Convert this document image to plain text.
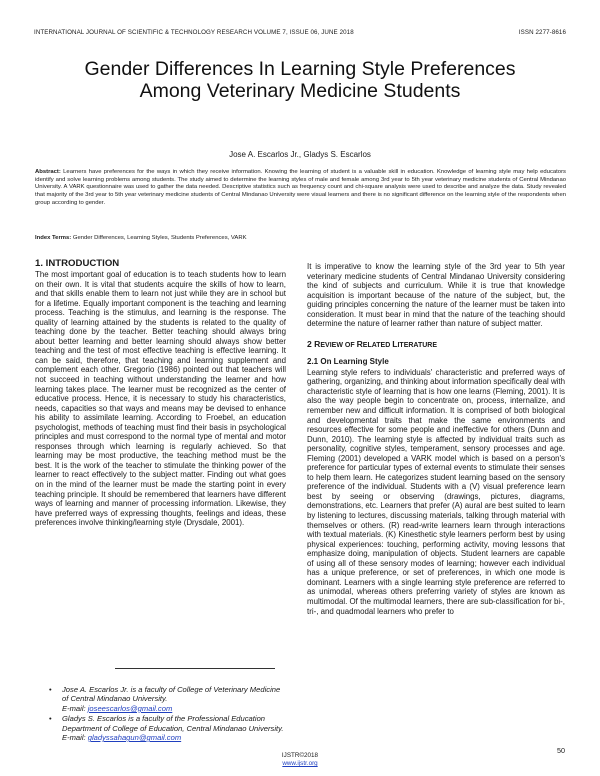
INTERNATIONAL JOURNAL OF SCIENTIFIC & TECHNOLOGY RESEARCH VOLUME 7, ISSUE 06, JUNE 2018	ISSN 2277-8616
Gender Differences In Learning Style Preferences Among Veterinary Medicine Students
Jose A. Escarlos Jr., Gladys S. Escarlos
Abstract: Learners have preferences for the ways in which they receive information. Knowing the learning of student is a valuable skill in education. Knowledge of learning style may help educators identify and solve learning problems among students. The study aimed to determine the learning styles of male and female among 3rd year to 5th year veterinary medicine students of Central Mindanao University. A VARK questionnaire was used to gather the data needed. Descriptive statistics such as frequency count and chi-square analysis were used to describe and analyze the data. Study revealed that majority of the 3rd year to 5th year veterinary medicine students of Central Mindanao University were visual learners and there is no significant difference on the learning style of the respondents when group according to gender.
Index Terms: Gender Differences, Learning Styles, Students Preferences, VARK
1. INTRODUCTION

The most important goal of education is to teach students how to learn on their own. It is vital that students acquire the skills of how to learn, and that skills enable them to learn not just while they are in school but for a lifetime. Equally important component is the teaching and learning process. Teaching is the stimulus, and learning is the response. The quality of learning attained by the students is related to the quality of teaching done by the teacher. Better teaching should always bring about better learning and better learning should always show better teaching and the test of most effective teaching is effective learning. It can be said, therefore, that teaching and learning supplement and complement each other. Gregorio (1986) pointed out that teachers will not succeed in teaching without understanding the learner and how learning takes place. The learner must be recognized as the center of educative process. Hence, it is necessary to study his characteristics, needs, capacities so that ways and means may be devised to enhance his ability to assimilate learning. According to Froebel, an education psychologist, methods of teaching must find their basis in psychological principles and must correspond to the normal type of mental and motor responses through which learning is regularly achieved. So that learning may be most productive, the teaching method must be the best. It is the work of the teacher to stimulate the thinking power of the learner to react effectively to the subject matter. Finding out what goes on in the mind of the learner must be made the starting point in every teaching principle. It should be remembered that learners have different ways of learning and manner of processing information. Likewise, they have preferred ways of expressing thoughts, feelings and ideas, these preferences involve thinking/learning style (Drysdale, 2001).

It is imperative to know the learning style of the 3rd year to 5th year veterinary medicine students of Central Mindanao University considering the kind of subjects and curriculum. While it is true that knowledge acquisition is important because of the nature of the subject, but, the guiding principles concerning the nature of the learner must be taken into consideration. It must bear in mind that the nature of the teaching should determine the nature of learner rather than nature of subject matter.

2 REVIEW OF RELATED LITERATURE
2.1 On Learning Style

Learning style refers to individuals' characteristic and preferred ways of gathering, organizing, and thinking about information specifically deal with characteristic style of learning that is how one learns (Fleming, 2001). It is also the way people begin to concentrate on, process, internalize, and remember new and difficult information. It is comprised of both biological and developmental traits that make the same environments and resources effective for some people and ineffective for others (Dunn and Dunn, 2010). The learning style is affected by individual traits such as personality, cognitive styles, temperament, sensory processes and age. Fleming (2001) developed a VARK model which is based on a person's preference for particular types of external events to stimulate their senses to help them learn. He categorizes student learning based on the sensory preference of the individual. Students with a (V) visual preference learn best by seeing or observing (drawings, pictures, diagrams, demonstrations, etc. Learners that prefer (A) aural are best suited to learn by listening to lectures, discussing materials, talking through material with themselves or others. (R) read-write learners learn through interactions with textual materials. (K) Kinesthetic style learners perform best by using physical experiences: touching, performing activity, moving lessons that emphasize doing, manipulation of objects. Student learners are capable of using all of these sensory modes of learning; however each individual has a unique preference, or set of preferences, in which one mode is dominant. Learners with a single learning style preference are referred to as unimodal, whereas others preferring variety of styles are known as multimodal. Of the multimodal learners, there are sub-classification for bi-, tri-, and quadmodal learners who prefer to

• Jose A. Escarlos Jr. is a faculty of College of Veterinary Medicine of Central Mindanao University.
E-mail: joseescarlos@gmail.com
• Gladys S. Escarlos is a faculty of the Professional Education Department of College of Education, Central Mindanao University.
E-mail: gladyssahagun@gmail.com
50
IJSTR©2018
www.ijstr.org
